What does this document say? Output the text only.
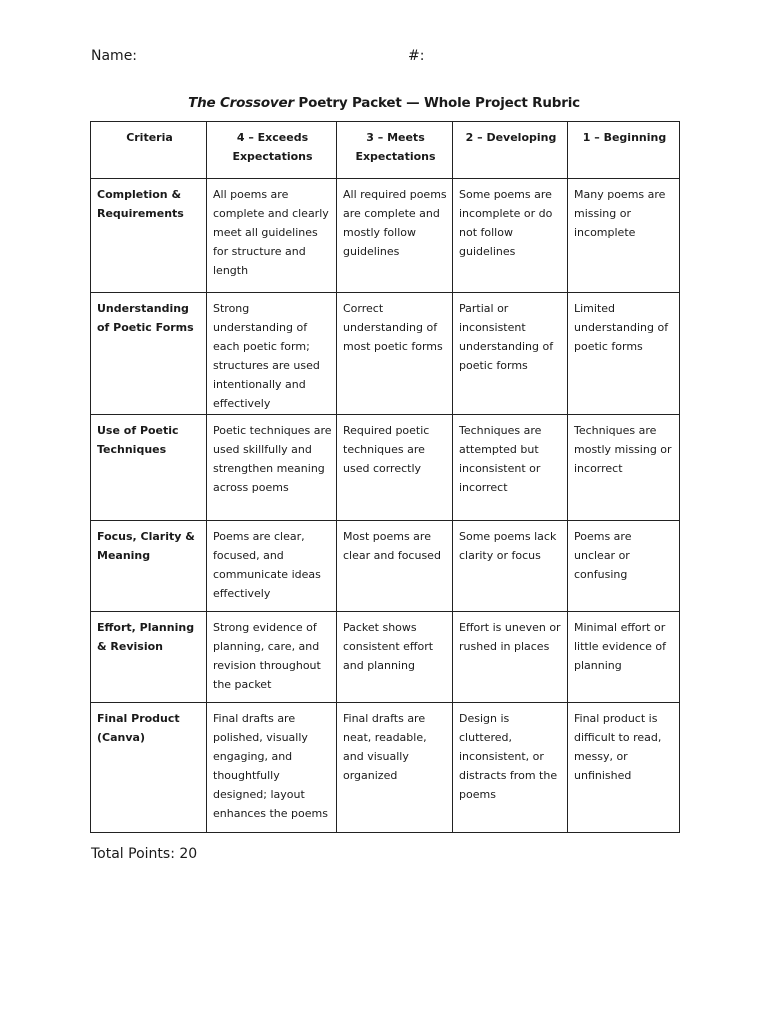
Name:	#:
The Crossover Poetry Packet — Whole Project Rubric
Criteria	4 – Exceeds Expectations	3 – Meets Expectations	2 – Developing	1 – Beginning
Completion & Requirements	All poems are complete and clearly meet all guidelines for structure and length	All required poems are complete and mostly follow guidelines	Some poems are incomplete or do not follow guidelines	Many poems are missing or incomplete
Understanding of Poetic Forms	Strong understanding of each poetic form; structures are used intentionally and effectively	Correct understanding of most poetic forms	Partial or inconsistent understanding of poetic forms	Limited understanding of poetic forms
Use of Poetic Techniques	Poetic techniques are used skillfully and strengthen meaning across poems	Required poetic techniques are used correctly	Techniques are attempted but inconsistent or incorrect	Techniques are mostly missing or incorrect
Focus, Clarity & Meaning	Poems are clear, focused, and communicate ideas effectively	Most poems are clear and focused	Some poems lack clarity or focus	Poems are unclear or confusing
Effort, Planning & Revision	Strong evidence of planning, care, and revision throughout the packet	Packet shows consistent effort and planning	Effort is uneven or rushed in places	Minimal effort or little evidence of planning
Final Product (Canva)	Final drafts are polished, visually engaging, and thoughtfully designed; layout enhances the poems	Final drafts are neat, readable, and visually organized	Design is cluttered, inconsistent, or distracts from the poems	Final product is difficult to read, messy, or unfinished
Total Points: 20
